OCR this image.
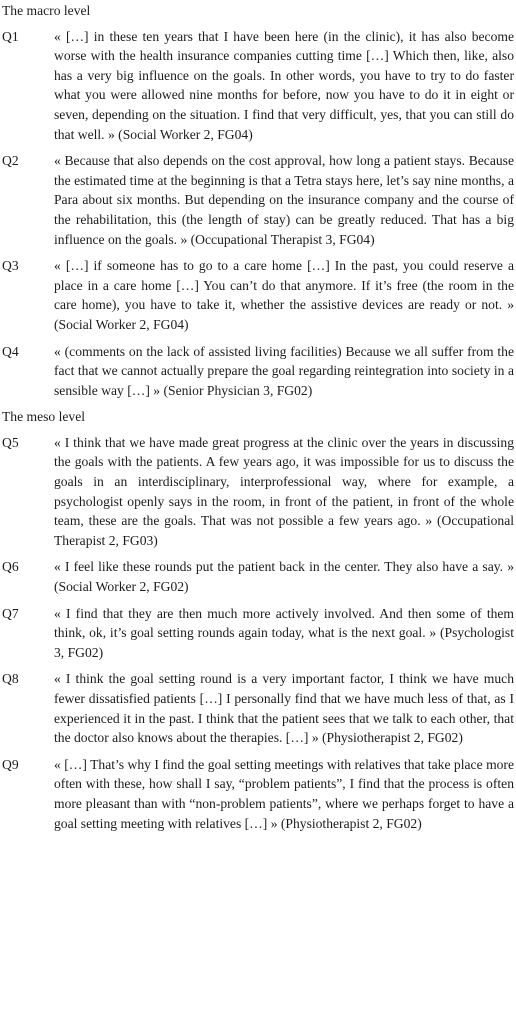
The macro level
Q1	« […] in these ten years that I have been here (in the clinic), it has also become worse with the health insurance companies cutting time […] Which then, like, also has a very big influence on the goals. In other words, you have to try to do faster what you were allowed nine months for before, now you have to do it in eight or seven, depending on the situation. I find that very difficult, yes, that you can still do that well. » (Social Worker 2, FG04)
Q2	« Because that also depends on the cost approval, how long a patient stays. Because the estimated time at the beginning is that a Tetra stays here, let’s say nine months, a Para about six months. But depending on the insurance company and the course of the rehabilitation, this (the length of stay) can be greatly reduced. That has a big influence on the goals. » (Occupational Therapist 3, FG04)
Q3	« […] if someone has to go to a care home […] In the past, you could reserve a place in a care home […] You can’t do that anymore. If it’s free (the room in the care home), you have to take it, whether the assistive devices are ready or not. » (Social Worker 2, FG04)
Q4	« (comments on the lack of assisted living facilities) Because we all suffer from the fact that we cannot actually prepare the goal regarding reintegration into society in a sensible way […] » (Senior Physician 3, FG02)
The meso level
Q5	« I think that we have made great progress at the clinic over the years in discussing the goals with the patients. A few years ago, it was impossible for us to discuss the goals in an interdisciplinary, interprofessional way, where for example, a psychologist openly says in the room, in front of the patient, in front of the whole team, these are the goals. That was not possible a few years ago. » (Occupational Therapist 2, FG03)
Q6	« I feel like these rounds put the patient back in the center. They also have a say. » (Social Worker 2, FG02)
Q7	« I find that they are then much more actively involved. And then some of them think, ok, it’s goal setting rounds again today, what is the next goal. » (Psychologist 3, FG02)
Q8	« I think the goal setting round is a very important factor, I think we have much fewer dissatisfied patients […] I personally find that we have much less of that, as I experienced it in the past. I think that the patient sees that we talk to each other, that the doctor also knows about the therapies. […] » (Physiotherapist 2, FG02)
Q9	« […] That’s why I find the goal setting meetings with relatives that take place more often with these, how shall I say, “problem patients”, I find that the process is often more pleasant than with “non-problem patients”, where we perhaps forget to have a goal setting meeting with relatives […] » (Physiotherapist 2, FG02)
